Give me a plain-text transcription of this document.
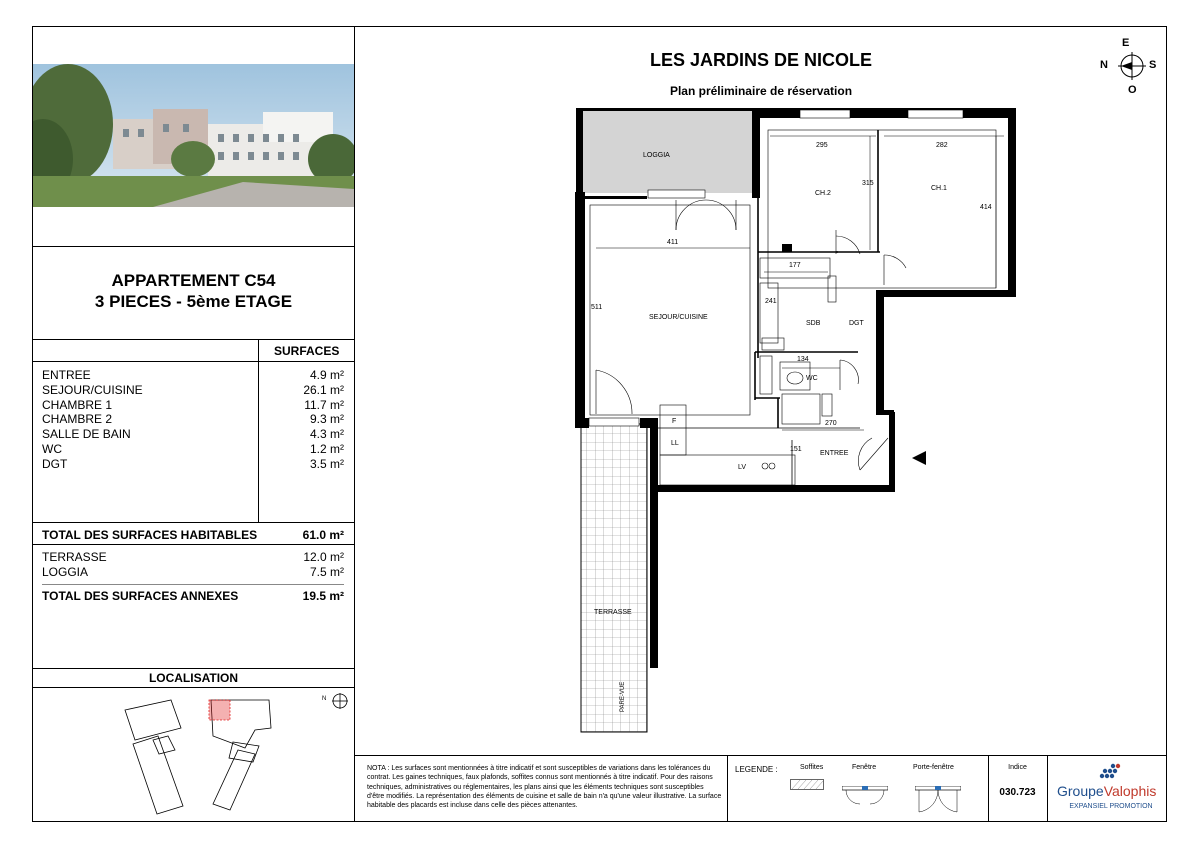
APPARTEMENT C54
3 PIECES - 5ème ETAGE
SURFACES
ENTREE	4.9 m²
SEJOUR/CUISINE	26.1 m²
CHAMBRE 1	11.7 m²
CHAMBRE 2	9.3 m²
SALLE DE BAIN	4.3 m²
WC	1.2 m²
DGT	3.5 m²
TOTAL DES SURFACES HABITABLES	61.0 m²
TERRASSE	12.0 m²
LOGGIA	7.5 m²
TOTAL DES SURFACES ANNEXES	19.5 m²
LOCALISATION
N
LES JARDINS DE NICOLE
Plan préliminaire de réservation
E
N	S
O
LOGGIA
CH.2
CH.1
SEJOUR/CUISINE
SDB	DGT
WC
ENTREE
TERRASSE
PARE-VUE
F
LL
LV
295	282
315
414
411
177
241
511
134
270
151
NOTA : Les surfaces sont mentionnées à titre indicatif et sont susceptibles de variations dans les tolérances du contrat. Les gaines techniques, faux plafonds, soffites connus sont mentionnés à titre indicatif. Pour des raisons techniques, administratives ou réglementaires, les plans ainsi que les éléments techniques sont susceptibles d'être modifiés. La représentation des éléments de cuisine et salle de bain n'a qu'une valeur illustrative. La surface habitable des placards est incluse dans celle des pièces attenantes.
LEGENDE :	Soffites	Fenêtre	Porte-fenêtre	Indice
030.723	GroupeValophis
EXPANSIEL PROMOTION
